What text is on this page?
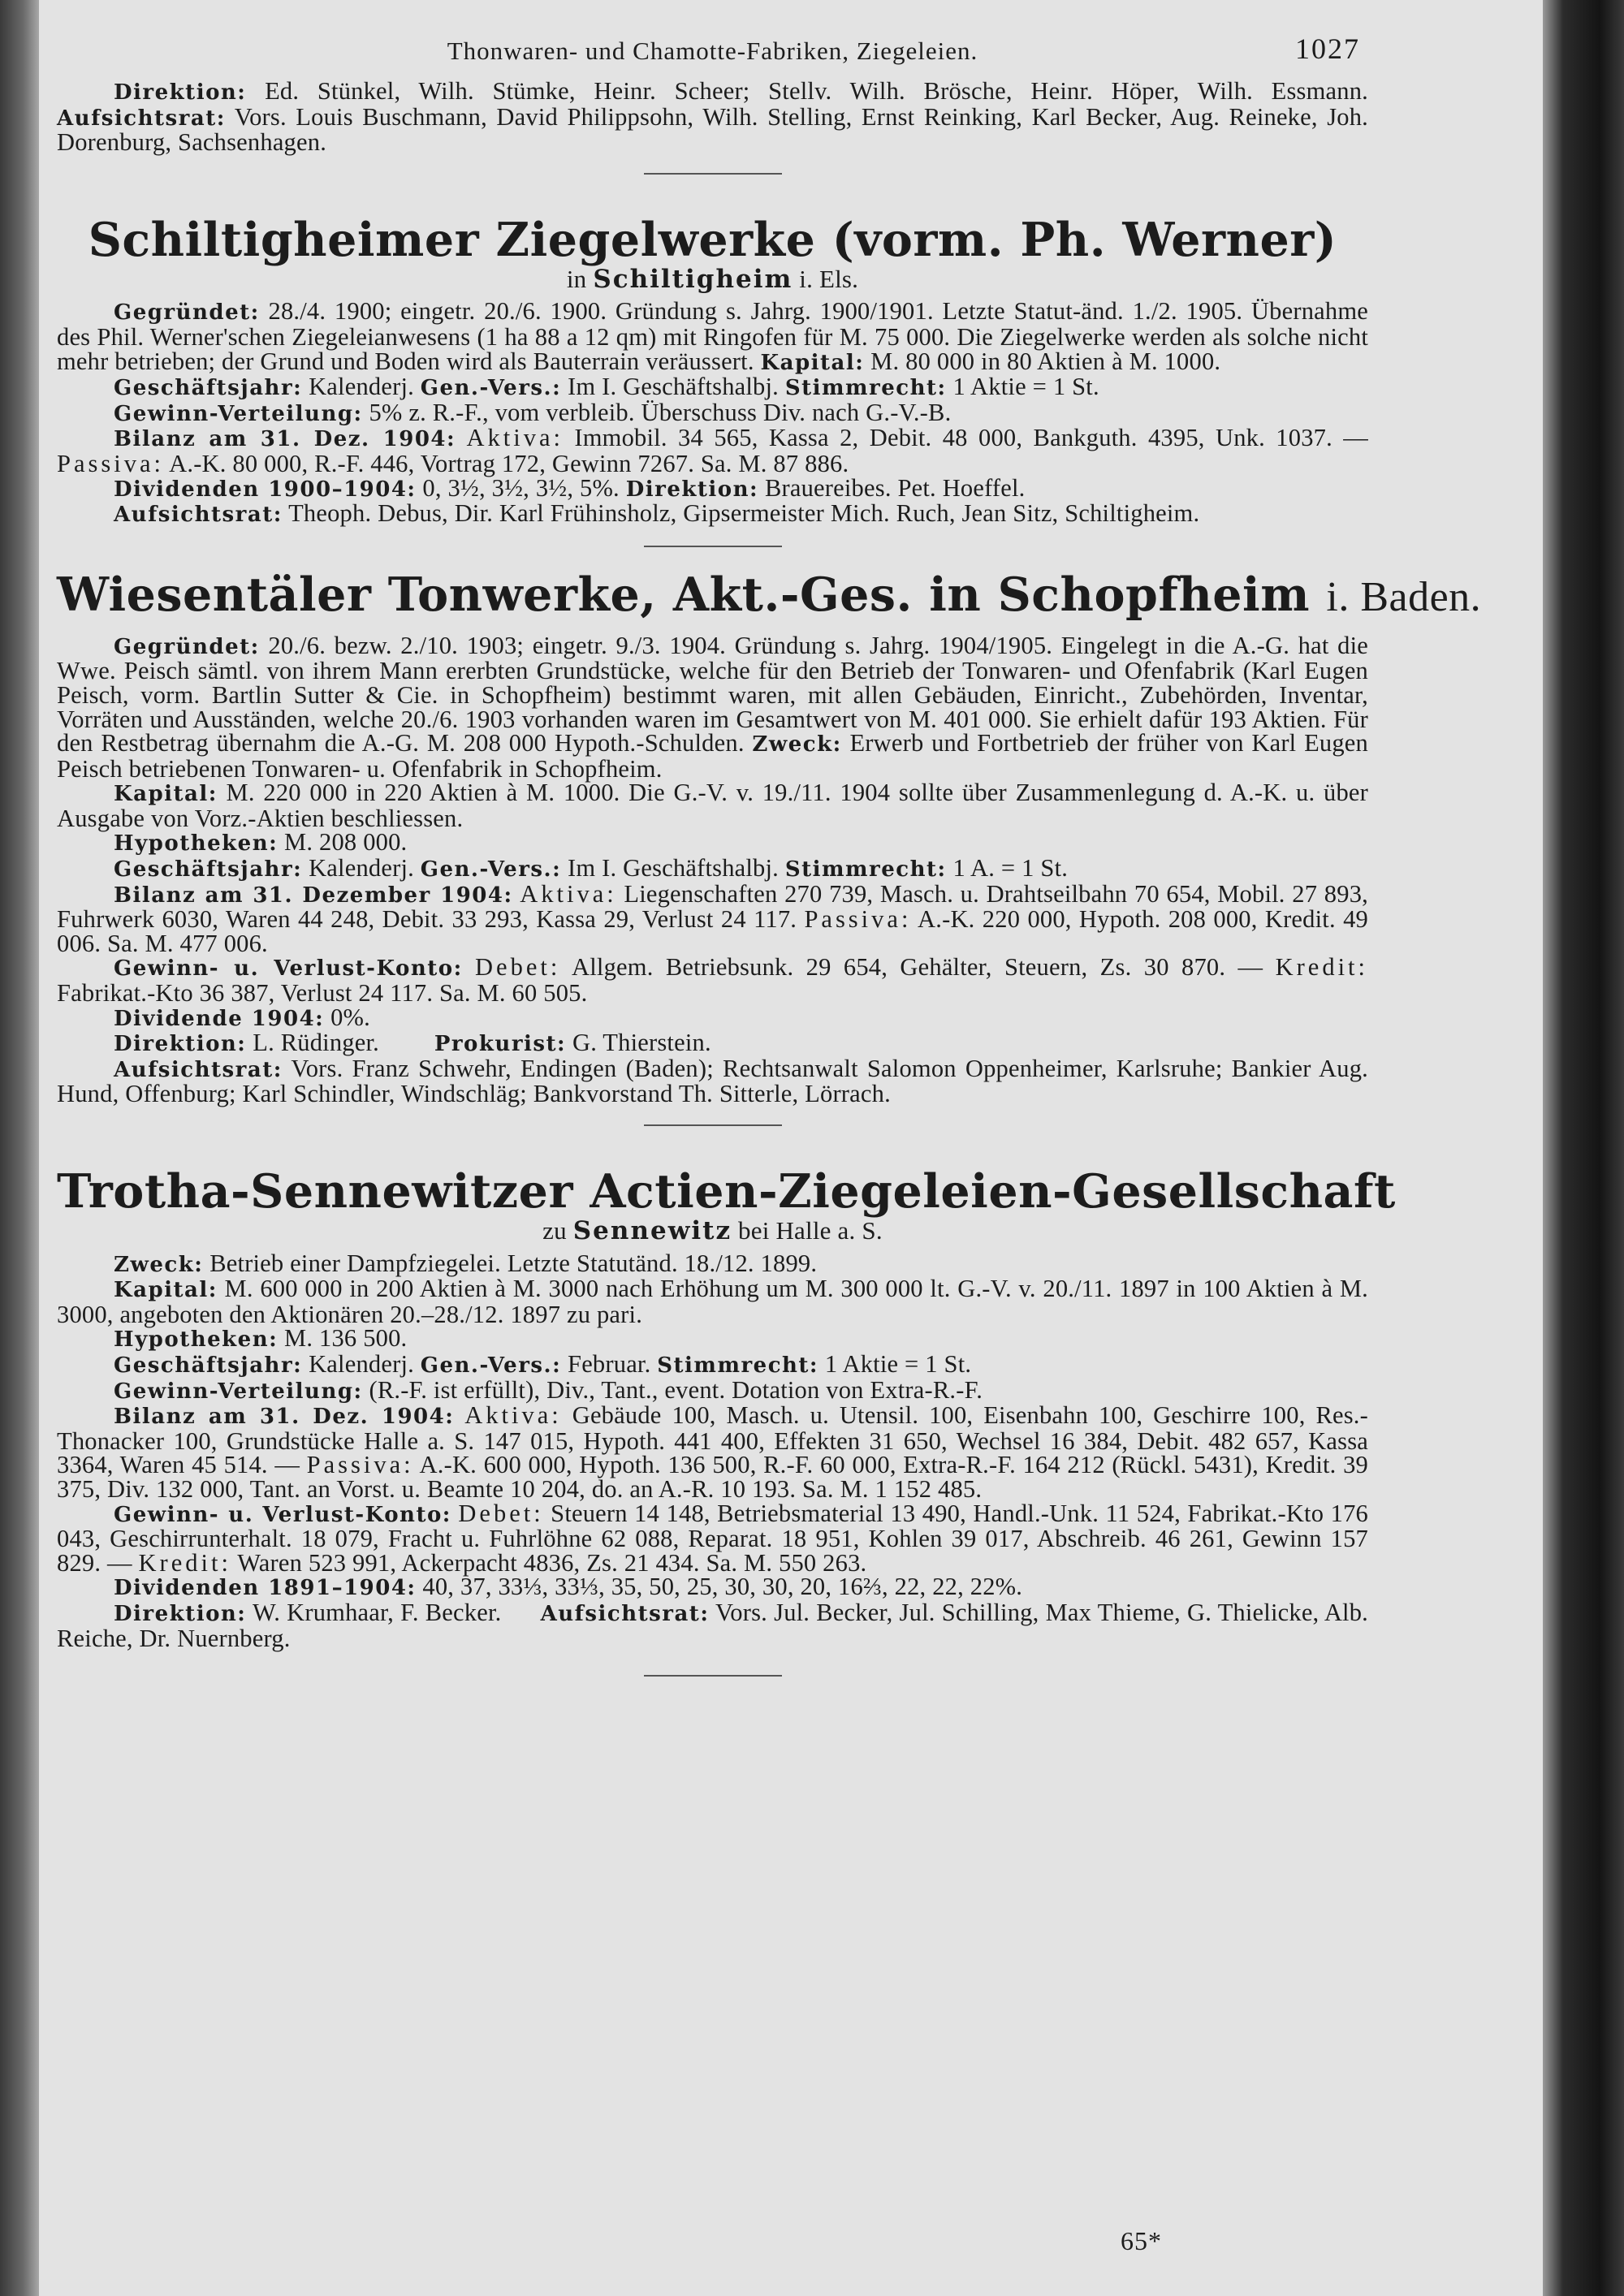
Thonwaren- und Chamotte-Fabriken, Ziegeleien.	1027

Direktion: Ed. Stünkel, Wilh. Stümke, Heinr. Scheer; Stellv. Wilh. Brösche, Heinr. Höper, Wilh. Essmann. Aufsichtsrat: Vors. Louis Buschmann, David Philippsohn, Wilh. Stelling, Ernst Reinking, Karl Becker, Aug. Reineke, Joh. Dorenburg, Sachsenhagen.

Schiltigheimer Ziegelwerke (vorm. Ph. Werner)
in Schiltigheim i. Els.

Gegründet: 28./4. 1900; eingetr. 20./6. 1900. Gründung s. Jahrg. 1900/1901. Letzte Statut-änd. 1./2. 1905. Übernahme des Phil. Werner'schen Ziegeleianwesens (1 ha 88 a 12 qm) mit Ringofen für M. 75 000. Die Ziegelwerke werden als solche nicht mehr betrieben; der Grund und Boden wird als Bauterrain veräussert. Kapital: M. 80 000 in 80 Aktien à M. 1000.

Geschäftsjahr: Kalenderj. Gen.-Vers.: Im I. Geschäftshalbj. Stimmrecht: 1 Aktie = 1 St.

Gewinn-Verteilung: 5% z. R.-F., vom verbleib. Überschuss Div. nach G.-V.-B.

Bilanz am 31. Dez. 1904: Aktiva: Immobil. 34 565, Kassa 2, Debit. 48 000, Bankguth. 4395, Unk. 1037. — Passiva: A.-K. 80 000, R.-F. 446, Vortrag 172, Gewinn 7267. Sa. M. 87 886.

Dividenden 1900–1904: 0, 3½, 3½, 3½, 5%. Direktion: Brauereibes. Pet. Hoeffel.

Aufsichtsrat: Theoph. Debus, Dir. Karl Frühinsholz, Gipsermeister Mich. Ruch, Jean Sitz, Schiltigheim.

Wiesentäler Tonwerke, Akt.-Ges. in Schopfheim i. Baden.

Gegründet: 20./6. bezw. 2./10. 1903; eingetr. 9./3. 1904. Gründung s. Jahrg. 1904/1905. Eingelegt in die A.-G. hat die Wwe. Peisch sämtl. von ihrem Mann ererbten Grundstücke, welche für den Betrieb der Tonwaren- und Ofenfabrik (Karl Eugen Peisch, vorm. Bartlin Sutter & Cie. in Schopfheim) bestimmt waren, mit allen Gebäuden, Einricht., Zubehörden, Inventar, Vorräten und Ausständen, welche 20./6. 1903 vorhanden waren im Gesamtwert von M. 401 000. Sie erhielt dafür 193 Aktien. Für den Restbetrag übernahm die A.-G. M. 208 000 Hypoth.-Schulden. Zweck: Erwerb und Fortbetrieb der früher von Karl Eugen Peisch betriebenen Tonwaren- u. Ofenfabrik in Schopfheim.

Kapital: M. 220 000 in 220 Aktien à M. 1000. Die G.-V. v. 19./11. 1904 sollte über Zusammenlegung d. A.-K. u. über Ausgabe von Vorz.-Aktien beschliessen.

Hypotheken: M. 208 000.

Geschäftsjahr: Kalenderj. Gen.-Vers.: Im I. Geschäftshalbj. Stimmrecht: 1 A. = 1 St.

Bilanz am 31. Dezember 1904: Aktiva: Liegenschaften 270 739, Masch. u. Drahtseilbahn 70 654, Mobil. 27 893, Fuhrwerk 6030, Waren 44 248, Debit. 33 293, Kassa 29, Verlust 24 117. Passiva: A.-K. 220 000, Hypoth. 208 000, Kredit. 49 006. Sa. M. 477 006.

Gewinn- u. Verlust-Konto: Debet: Allgem. Betriebsunk. 29 654, Gehälter, Steuern, Zs. 30 870. — Kredit: Fabrikat.-Kto 36 387, Verlust 24 117. Sa. M. 60 505.

Dividende 1904: 0%.

Direktion: L. Rüdinger.	Prokurist: G. Thierstein.

Aufsichtsrat: Vors. Franz Schwehr, Endingen (Baden); Rechtsanwalt Salomon Oppenheimer, Karlsruhe; Bankier Aug. Hund, Offenburg; Karl Schindler, Windschläg; Bankvorstand Th. Sitterle, Lörrach.

Trotha-Sennewitzer Actien-Ziegeleien-Gesellschaft
zu Sennewitz bei Halle a. S.

Zweck: Betrieb einer Dampfziegelei. Letzte Statutänd. 18./12. 1899.

Kapital: M. 600 000 in 200 Aktien à M. 3000 nach Erhöhung um M. 300 000 lt. G.-V. v. 20./11. 1897 in 100 Aktien à M. 3000, angeboten den Aktionären 20.–28./12. 1897 zu pari.

Hypotheken: M. 136 500.

Geschäftsjahr: Kalenderj. Gen.-Vers.: Februar. Stimmrecht: 1 Aktie = 1 St.

Gewinn-Verteilung: (R.-F. ist erfüllt), Div., Tant., event. Dotation von Extra-R.-F.

Bilanz am 31. Dez. 1904: Aktiva: Gebäude 100, Masch. u. Utensil. 100, Eisenbahn 100, Geschirre 100, Res.-Thonacker 100, Grundstücke Halle a. S. 147 015, Hypoth. 441 400, Effekten 31 650, Wechsel 16 384, Debit. 482 657, Kassa 3364, Waren 45 514. — Passiva: A.-K. 600 000, Hypoth. 136 500, R.-F. 60 000, Extra-R.-F. 164 212 (Rückl. 5431), Kredit. 39 375, Div. 132 000, Tant. an Vorst. u. Beamte 10 204, do. an A.-R. 10 193. Sa. M. 1 152 485.

Gewinn- u. Verlust-Konto: Debet: Steuern 14 148, Betriebsmaterial 13 490, Handl.-Unk. 11 524, Fabrikat.-Kto 176 043, Geschirrunterhalt. 18 079, Fracht u. Fuhrlöhne 62 088, Reparat. 18 951, Kohlen 39 017, Abschreib. 46 261, Gewinn 157 829. — Kredit: Waren 523 991, Ackerpacht 4836, Zs. 21 434. Sa. M. 550 263.

Dividenden 1891–1904: 40, 37, 33⅓, 33⅓, 35, 50, 25, 30, 30, 20, 16⅔, 22, 22, 22%.

Direktion: W. Krumhaar, F. Becker. Aufsichtsrat: Vors. Jul. Becker, Jul. Schilling, Max Thieme, G. Thielicke, Alb. Reiche, Dr. Nuernberg.

65*
